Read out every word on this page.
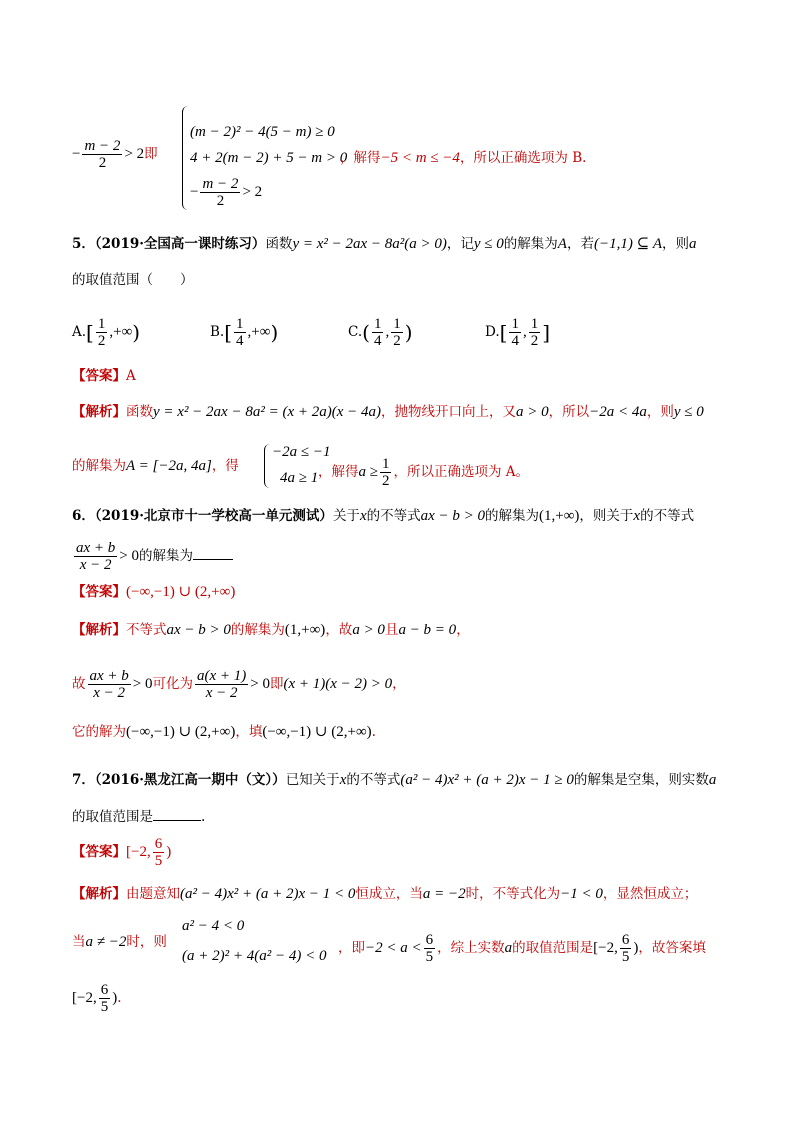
− $\frac{m - 2}{2} > 2$即
(m − 2)² − 4(5 − m) ≥ 0
4 + 2(m − 2) + 5 − m > 0
− $\frac{m - 2}{2} > 2$
，解得−5 < m ≤ −4，所以正确选项为 B.
5．（2019·全国高一课时练习）函数y = x² − 2ax − 8a²(a > 0)，记y ≤ 0的解集为A，若(−1,1) ⊆ A，则a
的取值范围（　　）
$A.[ \frac{1}{2}$ ,+∞)	$B.[ \frac{1}{4}$ ,+∞)	$C.( \frac{1}{4}$ , $\frac{1}{2}$ )	$D.[ \frac{1}{4}$ , $\frac{1}{2}$ ]
【答案】A
【解析】函数y = x² − 2ax − 8a² = (x + 2a)(x − 4a)，抛物线开口向上，又a > 0，所以−2a < 4a，则y ≤ 0
的解集为A = [−2a, 4a]，得
−2a ≤ −1
4a ≥ 1 ，解得$a \ge \frac{1}{2}$ ，所以正确选项为 A。
6．（2019·北京市十一学校高一单元测试）关于x的不等式ax − b > 0的解集为(1,+∞)，则关于x的不等式
$\frac{ax + b}{x - 2} > 0$的解集为
【答案】(−∞,−1) ∪ (2,+∞)
【解析】不等式ax − b > 0的解集为(1,+∞)，故a > 0且a − b = 0，
故 $\frac{ax + b}{x - 2} > 0$可化为 $\frac{a(x + 1)}{x - 2} > 0$即(x + 1)(x − 2) > 0，
它的解为(−∞,−1) ∪ (2,+∞)，填(−∞,−1) ∪ (2,+∞).
7．（2016·黑龙江高一期中（文））已知关于x的不等式(a² − 4)x² + (a + 2)x − 1 ≥ 0的解集是空集，则实数a
的取值范围是	.
【答案】[−2, $\frac{6}{5}$ )
【解析】由题意知(a² − 4)x² + (a + 2)x − 1 < 0恒成立，当a = −2时，不等式化为−1 < 0，显然恒成立；
当a ≠ −2时，则
a² − 4 < 0
(a + 2)² + 4(a² − 4) < 0 ，即$-2 < a < \frac{6}{5}$ ，综上实数a的取值范围是[−2, $\frac{6}{5}$ )，故答案填
[−2, $\frac{6}{5}$ ).
